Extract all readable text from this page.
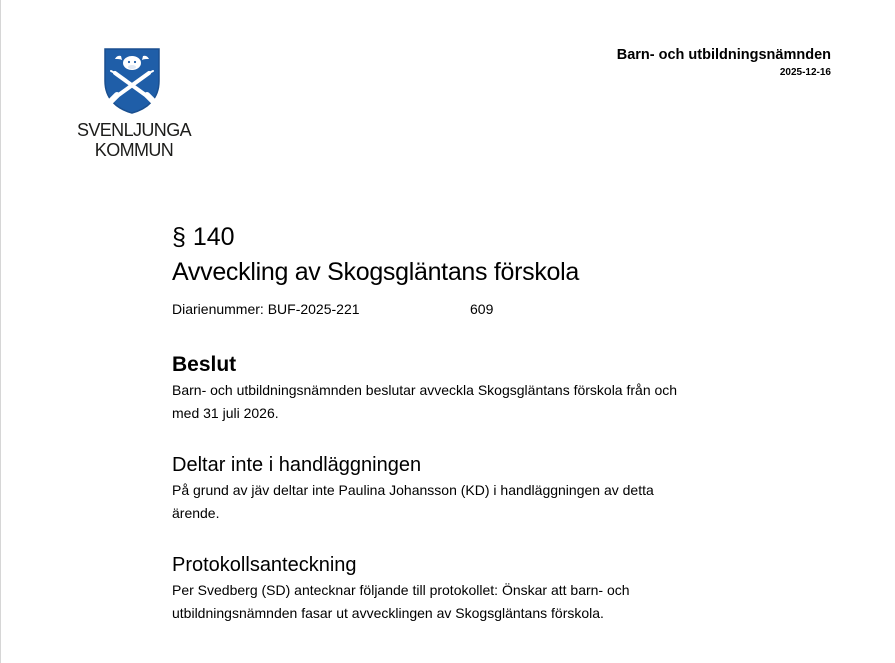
SVENLJUNGA
KOMMUN
Barn- och utbildningsnämnden
2025-12-16
§ 140
Avveckling av Skogsgläntans förskola
Diarienummer: BUF-2025-221	609
Beslut

Barn- och utbildningsnämnden beslutar avveckla Skogsgläntans förskola från och
med 31 juli 2026.

Deltar inte i handläggningen

På grund av jäv deltar inte Paulina Johansson (KD) i handläggningen av detta
ärende.

Protokollsanteckning

Per Svedberg (SD) antecknar följande till protokollet: Önskar att barn- och
utbildningsnämnden fasar ut avvecklingen av Skogsgläntans förskola.
